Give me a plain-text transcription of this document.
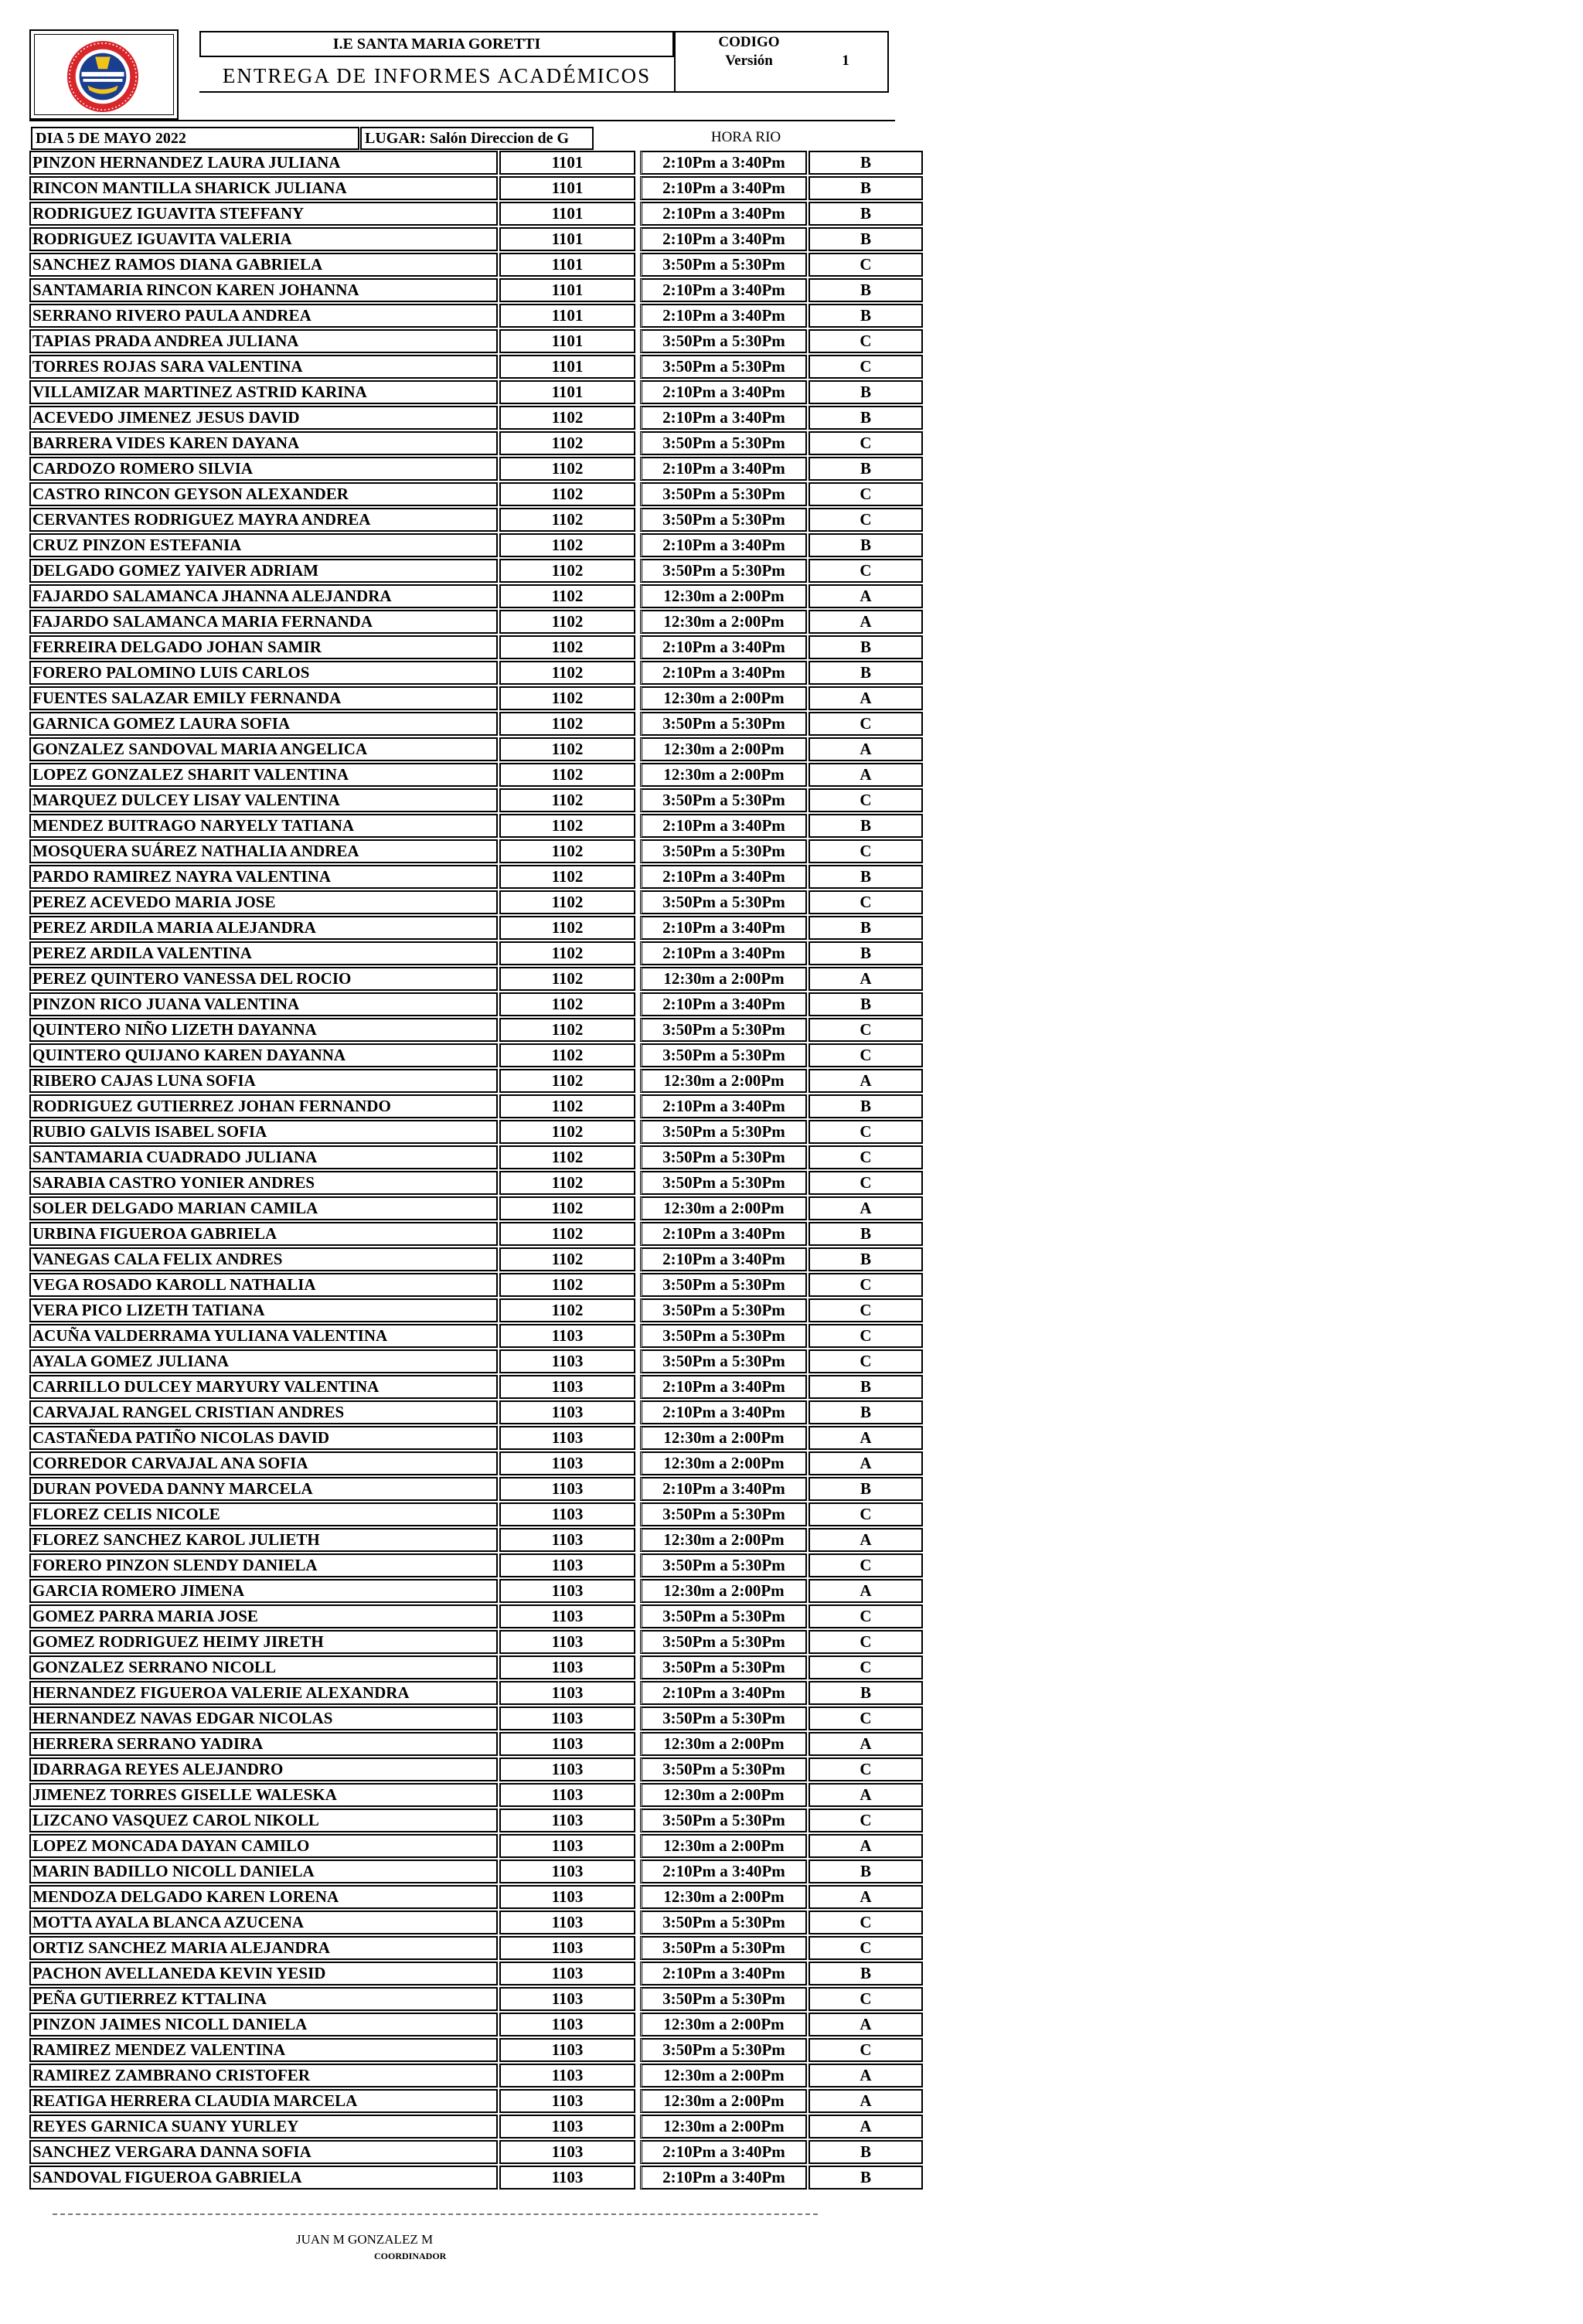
I.E SANTA MARIA GORETTI
ENTREGA DE INFORMES ACADÉMICOS
CODIGO
Versión	1
DIA 5 DE MAYO 2022	LUGAR: Salón Direccion de G	HORA RIO
PINZON HERNANDEZ LAURA JULIANA	1101	2:10Pm a 3:40Pm	B
RINCON MANTILLA SHARICK JULIANA	1101	2:10Pm a 3:40Pm	B
RODRIGUEZ IGUAVITA STEFFANY	1101	2:10Pm a 3:40Pm	B
RODRIGUEZ IGUAVITA VALERIA	1101	2:10Pm a 3:40Pm	B
SANCHEZ RAMOS DIANA GABRIELA	1101	3:50Pm a 5:30Pm	C
SANTAMARIA RINCON KAREN JOHANNA	1101	2:10Pm a 3:40Pm	B
SERRANO RIVERO PAULA ANDREA	1101	2:10Pm a 3:40Pm	B
TAPIAS PRADA ANDREA JULIANA	1101	3:50Pm a 5:30Pm	C
TORRES ROJAS SARA VALENTINA	1101	3:50Pm a 5:30Pm	C
VILLAMIZAR MARTINEZ ASTRID KARINA	1101	2:10Pm a 3:40Pm	B
ACEVEDO JIMENEZ JESUS DAVID	1102	2:10Pm a 3:40Pm	B
BARRERA VIDES KAREN DAYANA	1102	3:50Pm a 5:30Pm	C
CARDOZO ROMERO SILVIA	1102	2:10Pm a 3:40Pm	B
CASTRO RINCON GEYSON ALEXANDER	1102	3:50Pm a 5:30Pm	C
CERVANTES RODRIGUEZ MAYRA ANDREA	1102	3:50Pm a 5:30Pm	C
CRUZ PINZON ESTEFANIA	1102	2:10Pm a 3:40Pm	B
DELGADO GOMEZ YAIVER ADRIAM	1102	3:50Pm a 5:30Pm	C
FAJARDO SALAMANCA JHANNA ALEJANDRA	1102	12:30m a 2:00Pm	A
FAJARDO SALAMANCA MARIA FERNANDA	1102	12:30m a 2:00Pm	A
FERREIRA DELGADO JOHAN SAMIR	1102	2:10Pm a 3:40Pm	B
FORERO PALOMINO LUIS CARLOS	1102	2:10Pm a 3:40Pm	B
FUENTES SALAZAR EMILY FERNANDA	1102	12:30m a 2:00Pm	A
GARNICA GOMEZ LAURA SOFIA	1102	3:50Pm a 5:30Pm	C
GONZALEZ SANDOVAL MARIA ANGELICA	1102	12:30m a 2:00Pm	A
LOPEZ GONZALEZ SHARIT VALENTINA	1102	12:30m a 2:00Pm	A
MARQUEZ DULCEY LISAY VALENTINA	1102	3:50Pm a 5:30Pm	C
MENDEZ BUITRAGO NARYELY TATIANA	1102	2:10Pm a 3:40Pm	B
MOSQUERA SUÁREZ NATHALIA ANDREA	1102	3:50Pm a 5:30Pm	C
PARDO RAMIREZ NAYRA VALENTINA	1102	2:10Pm a 3:40Pm	B
PEREZ ACEVEDO MARIA JOSE	1102	3:50Pm a 5:30Pm	C
PEREZ ARDILA MARIA ALEJANDRA	1102	2:10Pm a 3:40Pm	B
PEREZ ARDILA VALENTINA	1102	2:10Pm a 3:40Pm	B
PEREZ QUINTERO VANESSA DEL ROCIO	1102	12:30m a 2:00Pm	A
PINZON RICO JUANA VALENTINA	1102	2:10Pm a 3:40Pm	B
QUINTERO NIÑO LIZETH DAYANNA	1102	3:50Pm a 5:30Pm	C
QUINTERO QUIJANO KAREN DAYANNA	1102	3:50Pm a 5:30Pm	C
RIBERO CAJAS LUNA SOFIA	1102	12:30m a 2:00Pm	A
RODRIGUEZ GUTIERREZ JOHAN FERNANDO	1102	2:10Pm a 3:40Pm	B
RUBIO GALVIS ISABEL SOFIA	1102	3:50Pm a 5:30Pm	C
SANTAMARIA CUADRADO JULIANA	1102	3:50Pm a 5:30Pm	C
SARABIA CASTRO YONIER ANDRES	1102	3:50Pm a 5:30Pm	C
SOLER DELGADO MARIAN CAMILA	1102	12:30m a 2:00Pm	A
URBINA FIGUEROA GABRIELA	1102	2:10Pm a 3:40Pm	B
VANEGAS CALA FELIX ANDRES	1102	2:10Pm a 3:40Pm	B
VEGA ROSADO KAROLL NATHALIA	1102	3:50Pm a 5:30Pm	C
VERA PICO LIZETH TATIANA	1102	3:50Pm a 5:30Pm	C
ACUÑA VALDERRAMA YULIANA VALENTINA	1103	3:50Pm a 5:30Pm	C
AYALA GOMEZ JULIANA	1103	3:50Pm a 5:30Pm	C
CARRILLO DULCEY MARYURY VALENTINA	1103	2:10Pm a 3:40Pm	B
CARVAJAL RANGEL CRISTIAN ANDRES	1103	2:10Pm a 3:40Pm	B
CASTAÑEDA PATIÑO NICOLAS DAVID	1103	12:30m a 2:00Pm	A
CORREDOR CARVAJAL ANA SOFIA	1103	12:30m a 2:00Pm	A
DURAN POVEDA DANNY MARCELA	1103	2:10Pm a 3:40Pm	B
FLOREZ CELIS NICOLE	1103	3:50Pm a 5:30Pm	C
FLOREZ SANCHEZ KAROL JULIETH	1103	12:30m a 2:00Pm	A
FORERO PINZON SLENDY DANIELA	1103	3:50Pm a 5:30Pm	C
GARCIA ROMERO JIMENA	1103	12:30m a 2:00Pm	A
GOMEZ PARRA MARIA JOSE	1103	3:50Pm a 5:30Pm	C
GOMEZ RODRIGUEZ HEIMY JIRETH	1103	3:50Pm a 5:30Pm	C
GONZALEZ SERRANO NICOLL	1103	3:50Pm a 5:30Pm	C
HERNANDEZ FIGUEROA VALERIE ALEXANDRA	1103	2:10Pm a 3:40Pm	B
HERNANDEZ NAVAS EDGAR NICOLAS	1103	3:50Pm a 5:30Pm	C
HERRERA SERRANO YADIRA	1103	12:30m a 2:00Pm	A
IDARRAGA REYES ALEJANDRO	1103	3:50Pm a 5:30Pm	C
JIMENEZ TORRES GISELLE WALESKA	1103	12:30m a 2:00Pm	A
LIZCANO VASQUEZ CAROL NIKOLL	1103	3:50Pm a 5:30Pm	C
LOPEZ MONCADA DAYAN CAMILO	1103	12:30m a 2:00Pm	A
MARIN BADILLO NICOLL DANIELA	1103	2:10Pm a 3:40Pm	B
MENDOZA DELGADO KAREN LORENA	1103	12:30m a 2:00Pm	A
MOTTA AYALA BLANCA AZUCENA	1103	3:50Pm a 5:30Pm	C
ORTIZ SANCHEZ MARIA ALEJANDRA	1103	3:50Pm a 5:30Pm	C
PACHON AVELLANEDA KEVIN YESID	1103	2:10Pm a 3:40Pm	B
PEÑA GUTIERREZ KTTALINA	1103	3:50Pm a 5:30Pm	C
PINZON JAIMES NICOLL DANIELA	1103	12:30m a 2:00Pm	A
RAMIREZ MENDEZ VALENTINA	1103	3:50Pm a 5:30Pm	C
RAMIREZ ZAMBRANO CRISTOFER	1103	12:30m a 2:00Pm	A
REATIGA HERRERA CLAUDIA MARCELA	1103	12:30m a 2:00Pm	A
REYES GARNICA SUANY YURLEY	1103	12:30m a 2:00Pm	A
SANCHEZ VERGARA DANNA SOFIA	1103	2:10Pm a 3:40Pm	B
SANDOVAL FIGUEROA GABRIELA	1103	2:10Pm a 3:40Pm	B
JUAN M GONZALEZ M
COORDINADOR
